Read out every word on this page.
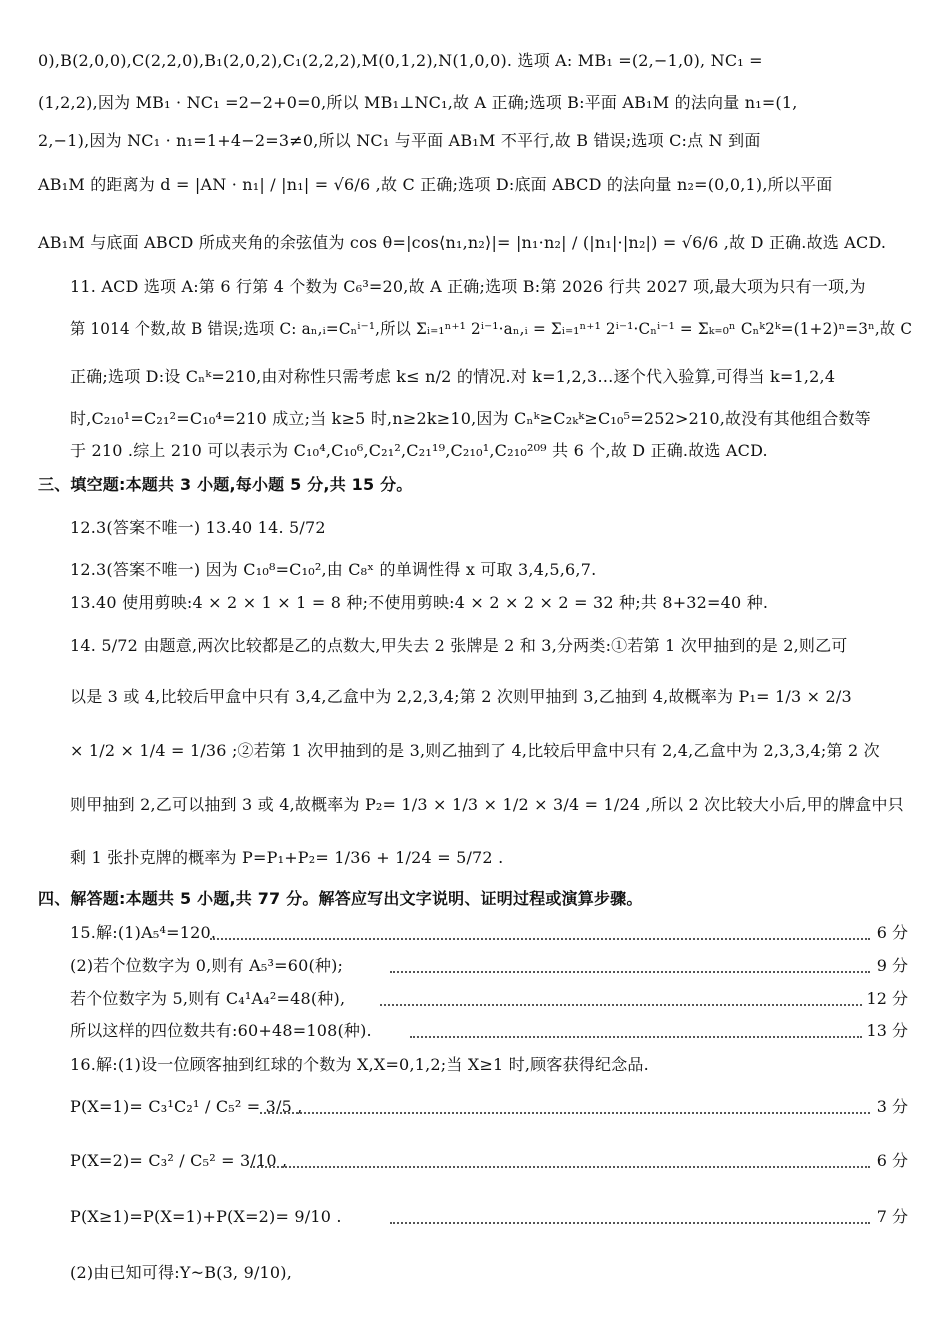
0),B(2,0,0),C(2,2,0),B₁(2,0,2),C₁(2,2,2),M(0,1,2),N(1,0,0). 选项 A: MB₁ =(2,−1,0), NC₁ =
(1,2,2),因为 MB₁ · NC₁ =2−2+0=0,所以 MB₁⊥NC₁,故 A 正确;选项 B:平面 AB₁M 的法向量 n₁=(1,
2,−1),因为 NC₁ · n₁=1+4−2=3≠0,所以 NC₁ 与平面 AB₁M 不平行,故 B 错误;选项 C:点 N 到面
AB₁M 的距离为 d = |AN · n₁| / |n₁| = √6/6 ,故 C 正确;选项 D:底面 ABCD 的法向量 n₂=(0,0,1),所以平面
AB₁M 与底面 ABCD 所成夹角的余弦值为 cos θ=|cos⟨n₁,n₂⟩|= |n₁·n₂| / (|n₁|·|n₂|) = √6/6 ,故 D 正确.故选 ACD.
11. ACD 选项 A:第 6 行第 4 个数为 C₆³=20,故 A 正确;选项 B:第 2026 行共 2027 项,最大项为只有一项,为
第 1014 个数,故 B 错误;选项 C: aₙ,ᵢ=Cₙⁱ⁻¹,所以 Σᵢ₌₁ⁿ⁺¹ 2ⁱ⁻¹·aₙ,ᵢ = Σᵢ₌₁ⁿ⁺¹ 2ⁱ⁻¹·Cₙⁱ⁻¹ = Σₖ₌₀ⁿ Cₙᵏ2ᵏ=(1+2)ⁿ=3ⁿ,故 C
正确;选项 D:设 Cₙᵏ=210,由对称性只需考虑 k≤ n/2 的情况.对 k=1,2,3…逐个代入验算,可得当 k=1,2,4
时,C₂₁₀¹=C₂₁²=C₁₀⁴=210 成立;当 k≥5 时,n≥2k≥10,因为 Cₙᵏ≥C₂ₖᵏ≥C₁₀⁵=252>210,故没有其他组合数等
于 210 .综上 210 可以表示为 C₁₀⁴,C₁₀⁶,C₂₁²,C₂₁¹⁹,C₂₁₀¹,C₂₁₀²⁰⁹ 共 6 个,故 D 正确.故选 ACD.
三、填空题:本题共 3 小题,每小题 5 分,共 15 分。
12.3(答案不唯一) 13.40 14. 5/72
12.3(答案不唯一) 因为 C₁₀⁸=C₁₀²,由 C₈ˣ 的单调性得 x 可取 3,4,5,6,7.
13.40 使用剪映:4 × 2 × 1 × 1 = 8 种;不使用剪映:4 × 2 × 2 × 2 = 32 种;共 8+32=40 种.
14. 5/72 由题意,两次比较都是乙的点数大,甲失去 2 张牌是 2 和 3,分两类:①若第 1 次甲抽到的是 2,则乙可
以是 3 或 4,比较后甲盒中只有 3,4,乙盒中为 2,2,3,4;第 2 次则甲抽到 3,乙抽到 4,故概率为 P₁= 1/3 × 2/3
× 1/2 × 1/4 = 1/36 ;②若第 1 次甲抽到的是 3,则乙抽到了 4,比较后甲盒中只有 2,4,乙盒中为 2,3,3,4;第 2 次
则甲抽到 2,乙可以抽到 3 或 4,故概率为 P₂= 1/3 × 1/3 × 1/2 × 3/4 = 1/24 ,所以 2 次比较大小后,甲的牌盒中只
剩 1 张扑克牌的概率为 P=P₁+P₂= 1/36 + 1/24 = 5/72 .
四、解答题:本题共 5 小题,共 77 分。解答应写出文字说明、证明过程或演算步骤。
15.解:(1)A₅⁴=120.	6 分
(2)若个位数字为 0,则有 A₅³=60(种);	9 分
若个位数字为 5,则有 C₄¹A₄²=48(种),	12 分
所以这样的四位数共有:60+48=108(种).	13 分
16.解:(1)设一位顾客抽到红球的个数为 X,X=0,1,2;当 X≥1 时,顾客获得纪念品.
P(X=1)= C₃¹C₂¹ / C₅² = 3/5 ,	3 分
P(X=2)= C₃² / C₅² = 3/10 ,	6 分
P(X≥1)=P(X=1)+P(X=2)= 9/10 .	7 分
(2)由已知可得:Y~B(3, 9/10),
